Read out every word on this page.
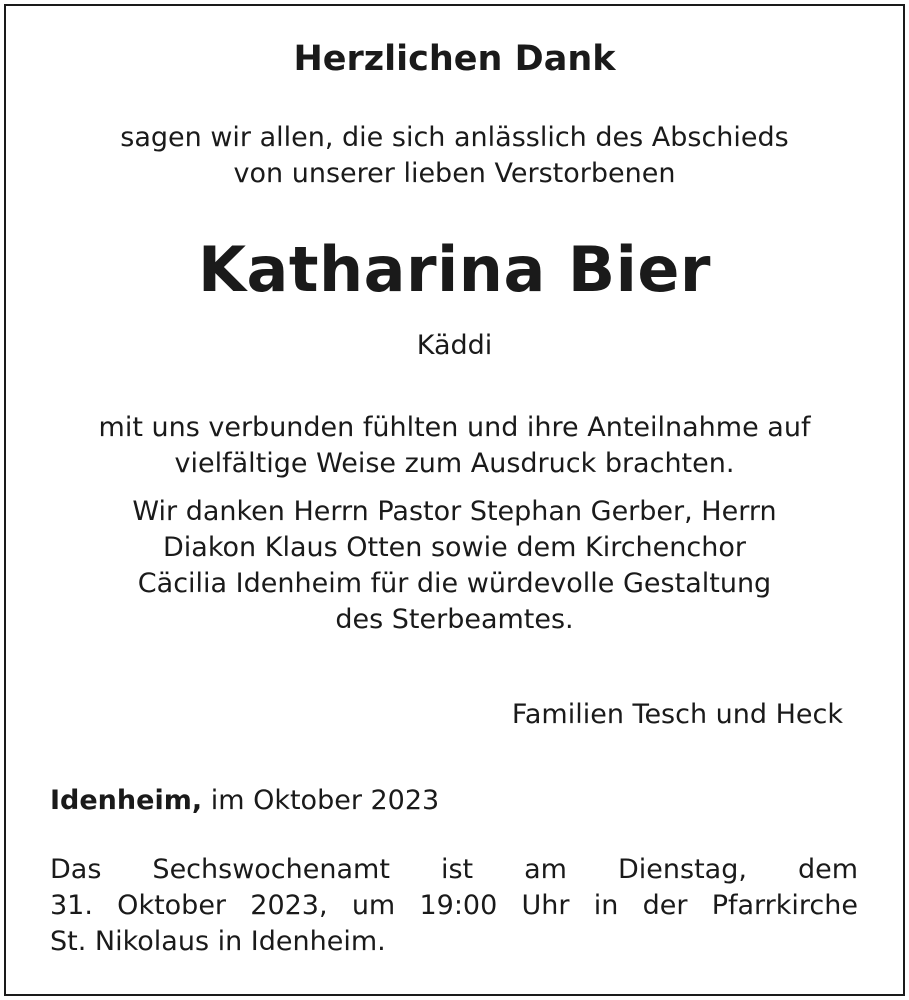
Herzlichen Dank
sagen wir allen, die sich anlässlich des Abschieds
von unserer lieben Verstorbenen
Katharina Bier
Käddi
mit uns verbunden fühlten und ihre Anteilnahme auf
vielfältige Weise zum Ausdruck brachten.
Wir danken Herrn Pastor Stephan Gerber, Herrn
Diakon Klaus Otten sowie dem Kirchenchor
Cäcilia Idenheim für die würdevolle Gestaltung
des Sterbeamtes.
Familien Tesch und Heck
Idenheim, im Oktober 2023
Das Sechswochenamt ist am Dienstag, dem
31. Oktober 2023, um 19:00 Uhr in der Pfarrkirche
St. Nikolaus in Idenheim.
